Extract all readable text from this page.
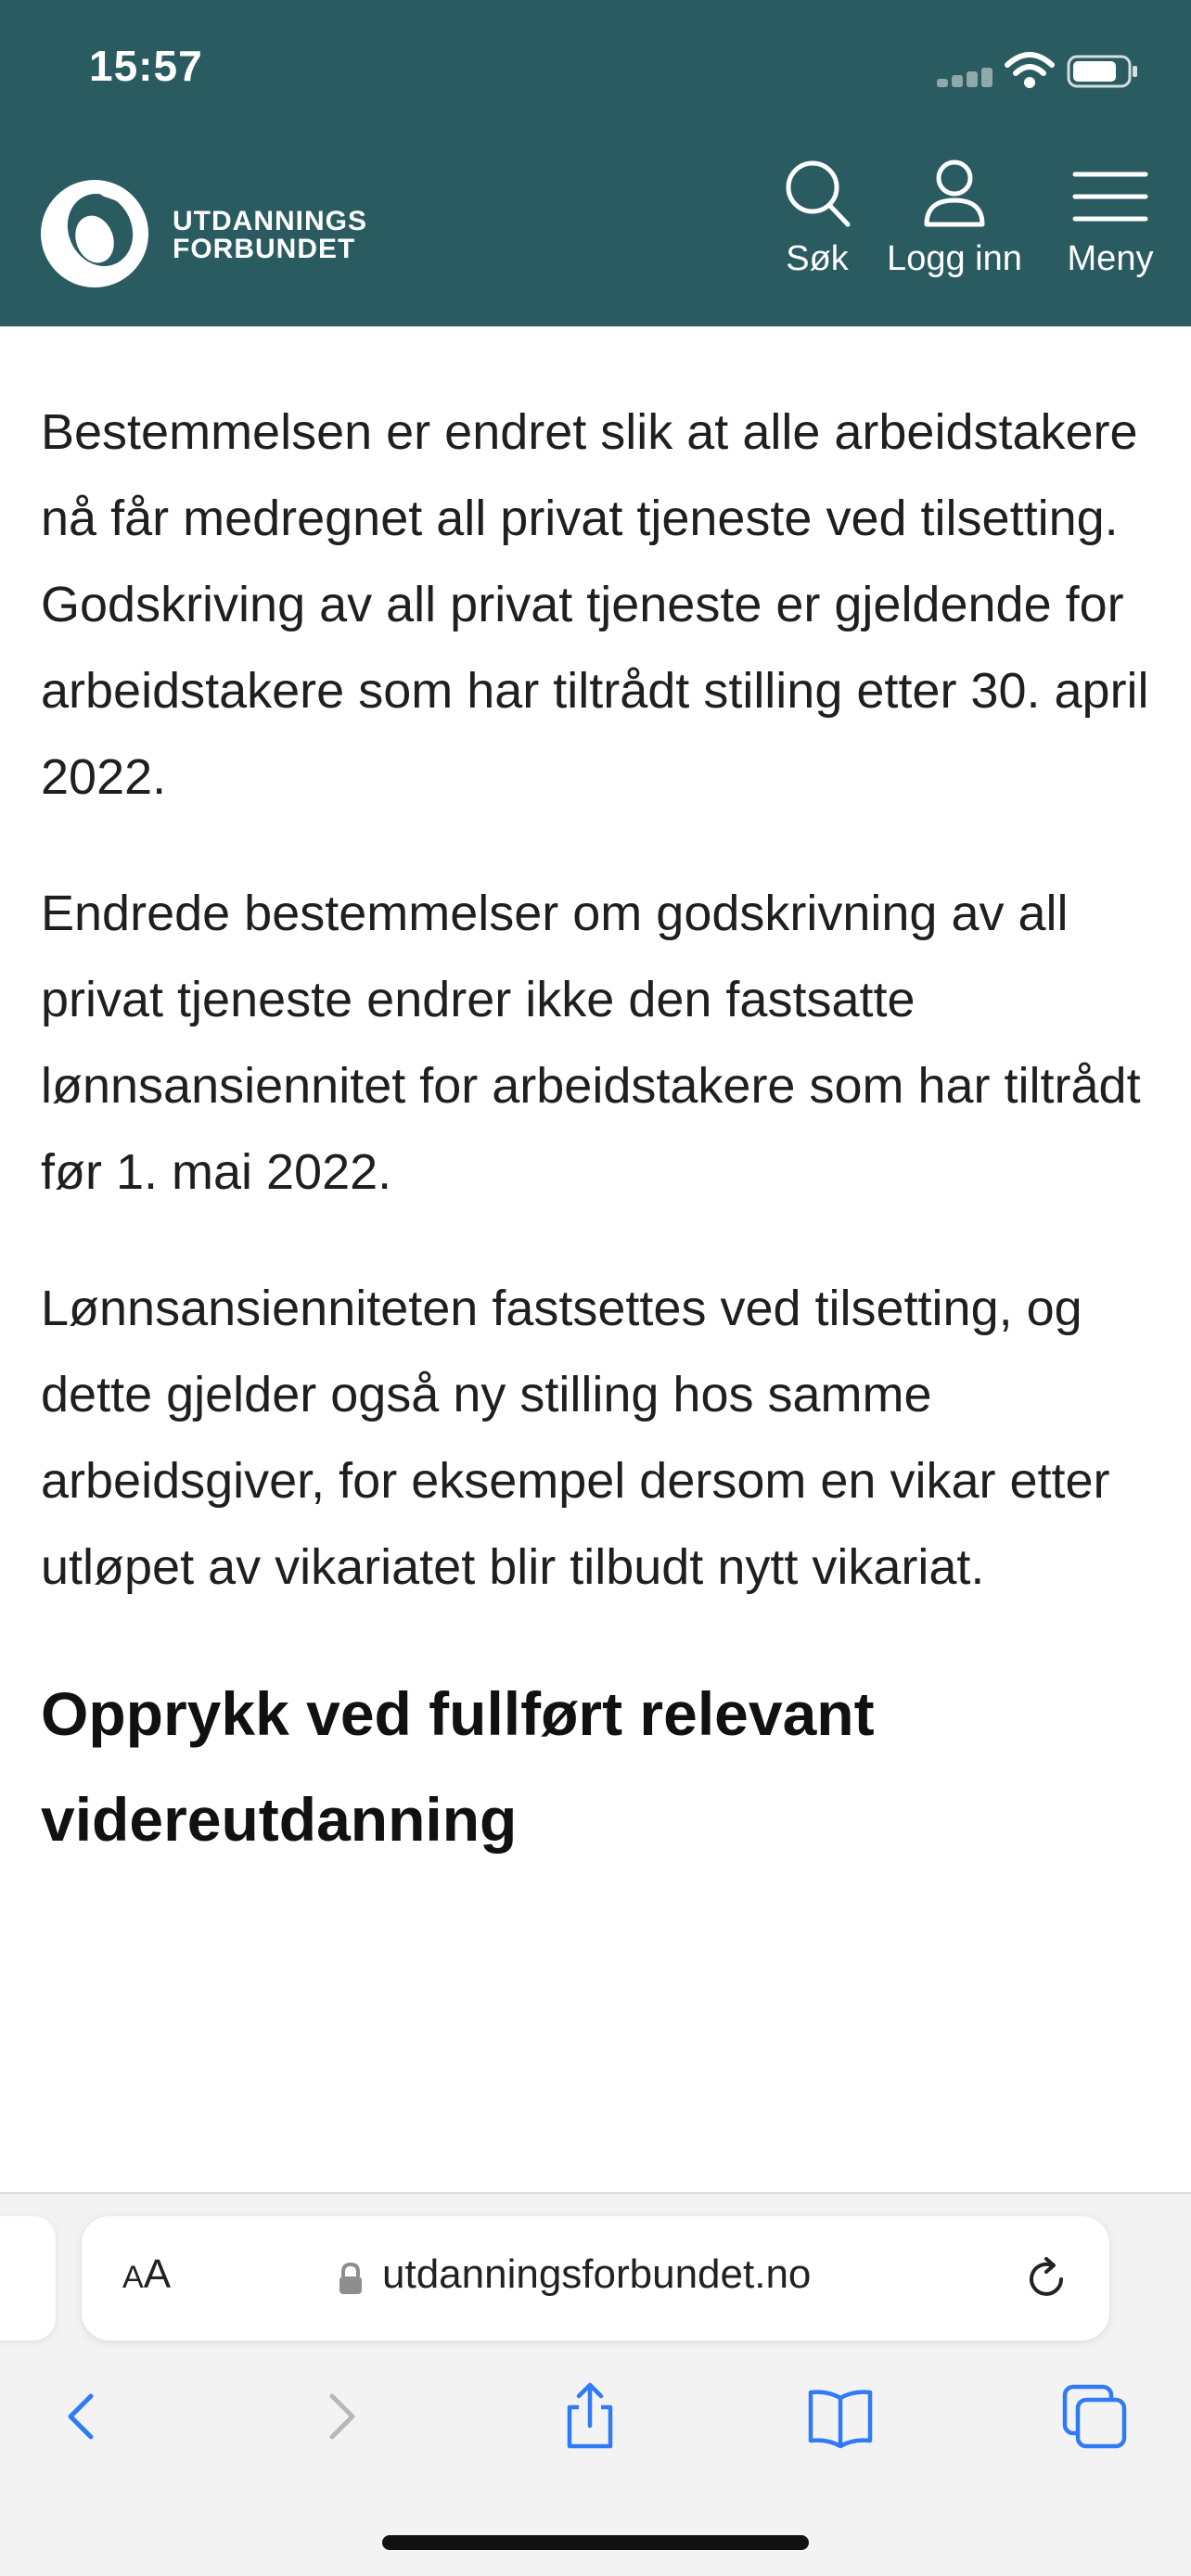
15:57
UTDANNINGS
FORBUNDET	Søk	Logg inn	Meny

Bestemmelsen er endret slik at alle arbeidstakere nå får medregnet all privat tjeneste ved tilsetting. Godskriving av all privat tjeneste er gjeldende for arbeidstakere som har tiltrådt stilling etter 30. april 2022.

Endrede bestemmelser om godskrivning av all privat tjeneste endrer ikke den fastsatte lønnsansiennitet for arbeidstakere som har tiltrådt før 1. mai 2022.

Lønnsansienniteten fastsettes ved tilsetting, og dette gjelder også ny stilling hos samme arbeidsgiver, for eksempel dersom en vikar etter utløpet av vikariatet blir tilbudt nytt vikariat.

Opprykk ved fullført relevant videreutdanning
AA	utdanningsforbundet.no
